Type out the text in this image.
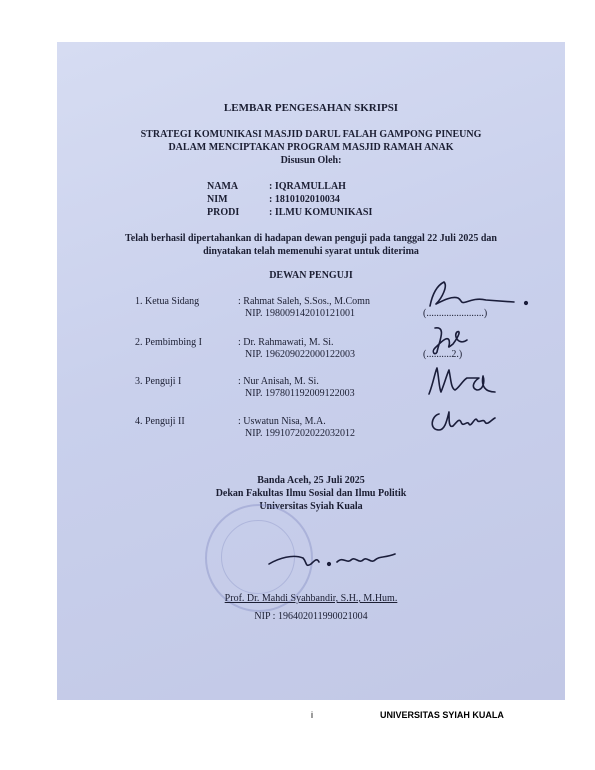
LEMBAR PENGESAHAN SKRIPSI
STRATEGI KOMUNIKASI MASJID DARUL FALAH GAMPONG PINEUNG
DALAM MENCIPTAKAN PROGRAM MASJID RAMAH ANAK
Disusun Oleh:
NAMA	: IQRAMULLAH
NIM	: 1810102010034
PRODI	: ILMU KOMUNIKASI
Telah berhasil dipertahankan di hadapan dewan penguji pada tanggal 22 Juli 2025 dan
dinyatakan telah memenuhi syarat untuk diterima
DEWAN PENGUJI
1. Ketua Sidang	: Rahmat Saleh, S.Sos., M.Comn
NIP. 198009142010121001	(.......................)
2. Pembimbing I	: Dr. Rahmawati, M. Si.
NIP. 196209022000122003	(..........2.)
3. Penguji I	: Nur Anisah, M. Si.
NIP. 197801192009122003
4. Penguji II	: Uswatun Nisa, M.A.
NIP. 199107202022032012
Banda Aceh, 25 Juli 2025
Dekan Fakultas Ilmu Sosial dan Ilmu Politik
Universitas Syiah Kuala
Prof. Dr. Mahdi Syahbandir, S.H., M.Hum.
NIP : 196402011990021004
i	UNIVERSITAS SYIAH KUALA
